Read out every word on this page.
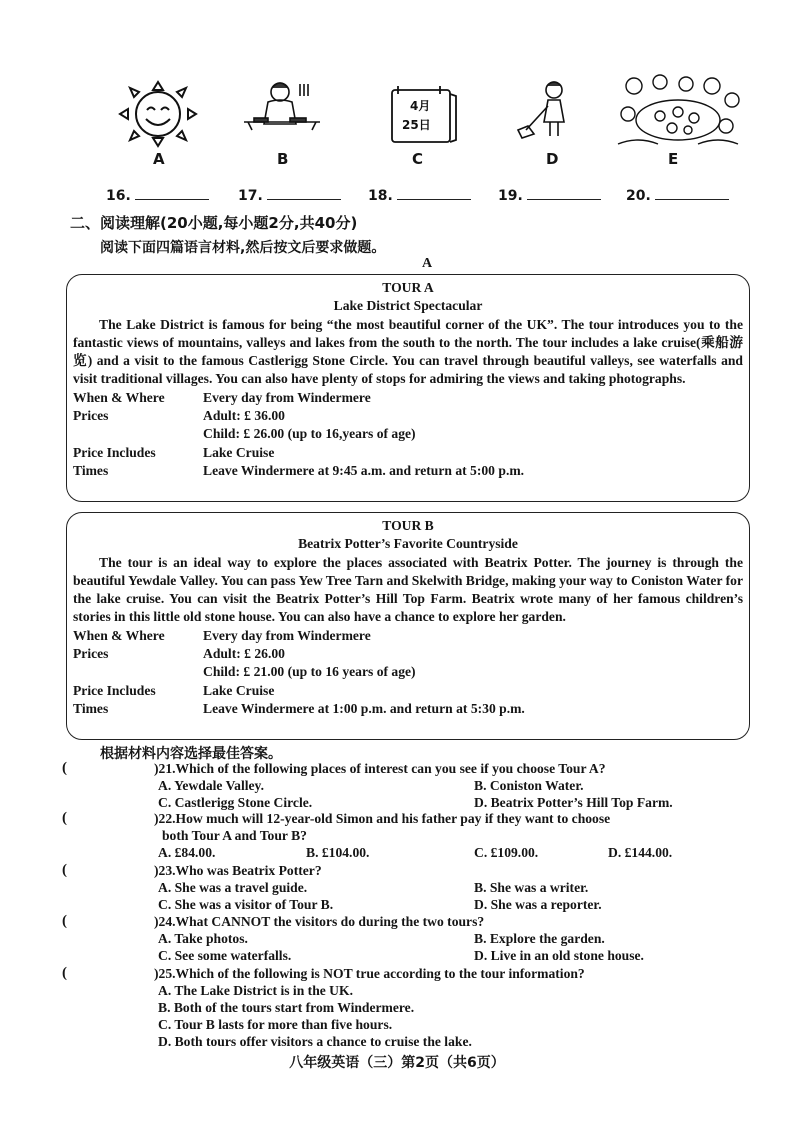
4月
25日
A	B	C	D	E
16.	17.	18.	19.	20.
二、阅读理解(20小题,每小题2分,共40分)
阅读下面四篇语言材料,然后按文后要求做题。
A
TOUR A
Lake District Spectacular
The Lake District is famous for being “the most beautiful corner of the UK”. The tour introduces you to the fantastic views of mountains, valleys and lakes from the south to the north. The tour includes a lake cruise(乘船游览) and a visit to the famous Castlerigg Stone Circle. You can travel through beautiful valleys, see waterfalls and visit traditional villages. You can also have plenty of stops for admiring the views and taking photographs.
When & Where	Every day from Windermere
Prices	Adult: £ 36.00
Child: £ 26.00 (up to 16,years of age)
Price Includes	Lake Cruise
Times	Leave Windermere at 9:45 a.m. and return at 5:00 p.m.
TOUR B
Beatrix Potter’s Favorite Countryside
The tour is an ideal way to explore the places associated with Beatrix Potter. The journey is through the beautiful Yewdale Valley. You can pass Yew Tree Tarn and Skelwith Bridge, making your way to Coniston Water for the lake cruise. You can visit the Beatrix Potter’s Hill Top Farm. Beatrix wrote many of her famous children’s stories in this little old stone house. You can also have a chance to explore her garden.
When & Where	Every day from Windermere
Prices	Adult: £ 26.00
Child: £ 21.00 (up to 16 years of age)
Price Includes	Lake Cruise
Times	Leave Windermere at 1:00 p.m. and return at 5:30 p.m.
根据材料内容选择最佳答案。
(	)21.Which of the following places of interest can you see if you choose Tour A?
A. Yewdale Valley.	B. Coniston Water.
C. Castlerigg Stone Circle.	D. Beatrix Potter’s Hill Top Farm.
(	)22.How much will 12-year-old Simon and his father pay if they want to choose
both Tour A and Tour B?
A. £84.00.	B. £104.00.	C. £109.00.	D. £144.00.
(	)23.Who was Beatrix Potter?
A. She was a travel guide.	B. She was a writer.
C. She was a visitor of Tour B.	D. She was a reporter.
(	)24.What CANNOT the visitors do during the two tours?
A. Take photos.	B. Explore the garden.
C. See some waterfalls.	D. Live in an old stone house.
(	)25.Which of the following is NOT true according to the tour information?
A. The Lake District is in the UK.
B. Both of the tours start from Windermere.
C. Tour B lasts for more than five hours.
D. Both tours offer visitors a chance to cruise the lake.
八年级英语（三）第2页（共6页）
